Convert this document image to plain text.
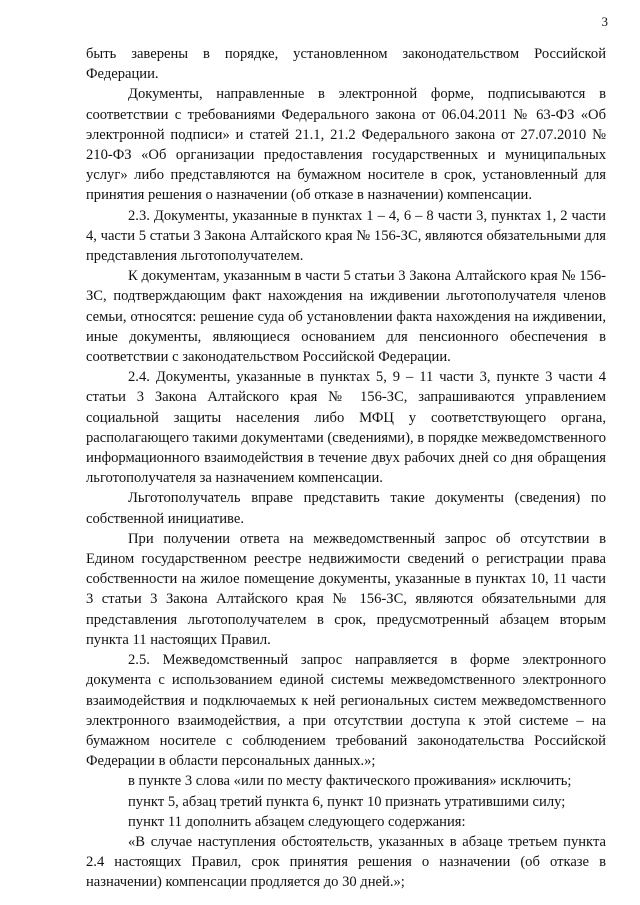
3

быть заверены в порядке, установленном законодательством Российской Федерации.

Документы, направленные в электронной форме, подписываются в соответствии с требованиями Федерального закона от 06.04.2011 № 63-ФЗ «Об электронной подписи» и статей 21.1, 21.2 Федерального закона от 27.07.2010 № 210-ФЗ «Об организации предоставления государственных и муниципальных услуг» либо представляются на бумажном носителе в срок, установленный для принятия решения о назначении (об отказе в назначении) компенсации.

2.3. Документы, указанные в пунктах 1 – 4, 6 – 8 части 3, пунктах 1, 2 части 4, части 5 статьи 3 Закона Алтайского края № 156-ЗС, являются обязательными для представления льготополучателем.

К документам, указанным в части 5 статьи 3 Закона Алтайского края № 156-ЗС, подтверждающим факт нахождения на иждивении льготополучателя членов семьи, относятся: решение суда об установлении факта нахождения на иждивении, иные документы, являющиеся основанием для пенсионного обеспечения в соответствии с законодательством Российской Федерации.

2.4. Документы, указанные в пунктах 5, 9 – 11 части 3, пункте 3 части 4 статьи 3 Закона Алтайского края № 156-ЗС, запрашиваются управлением социальной защиты населения либо МФЦ у соответствующего органа, располагающего такими документами (сведениями), в порядке межведомственного информационного взаимодействия в течение двух рабочих дней со дня обращения льготополучателя за назначением компенсации.

Льготополучатель вправе представить такие документы (сведения) по собственной инициативе.

При получении ответа на межведомственный запрос об отсутствии в Едином государственном реестре недвижимости сведений о регистрации права собственности на жилое помещение документы, указанные в пунктах 10, 11 части 3 статьи 3 Закона Алтайского края № 156-ЗС, являются обязательными для представления льготополучателем в срок, предусмотренный абзацем вторым пункта 11 настоящих Правил.

2.5. Межведомственный запрос направляется в форме электронного документа с использованием единой системы межведомственного электронного взаимодействия и подключаемых к ней региональных систем межведомственного электронного взаимодействия, а при отсутствии доступа к этой системе – на бумажном носителе с соблюдением требований законодательства Российской Федерации в области персональных данных.»;

в пункте 3 слова «или по месту фактического проживания» исключить;

пункт 5, абзац третий пункта 6, пункт 10 признать утратившими силу;

пункт 11 дополнить абзацем следующего содержания:

«В случае наступления обстоятельств, указанных в абзаце третьем пункта 2.4 настоящих Правил, срок принятия решения о назначении (об отказе в назначении) компенсации продляется до 30 дней.»;
